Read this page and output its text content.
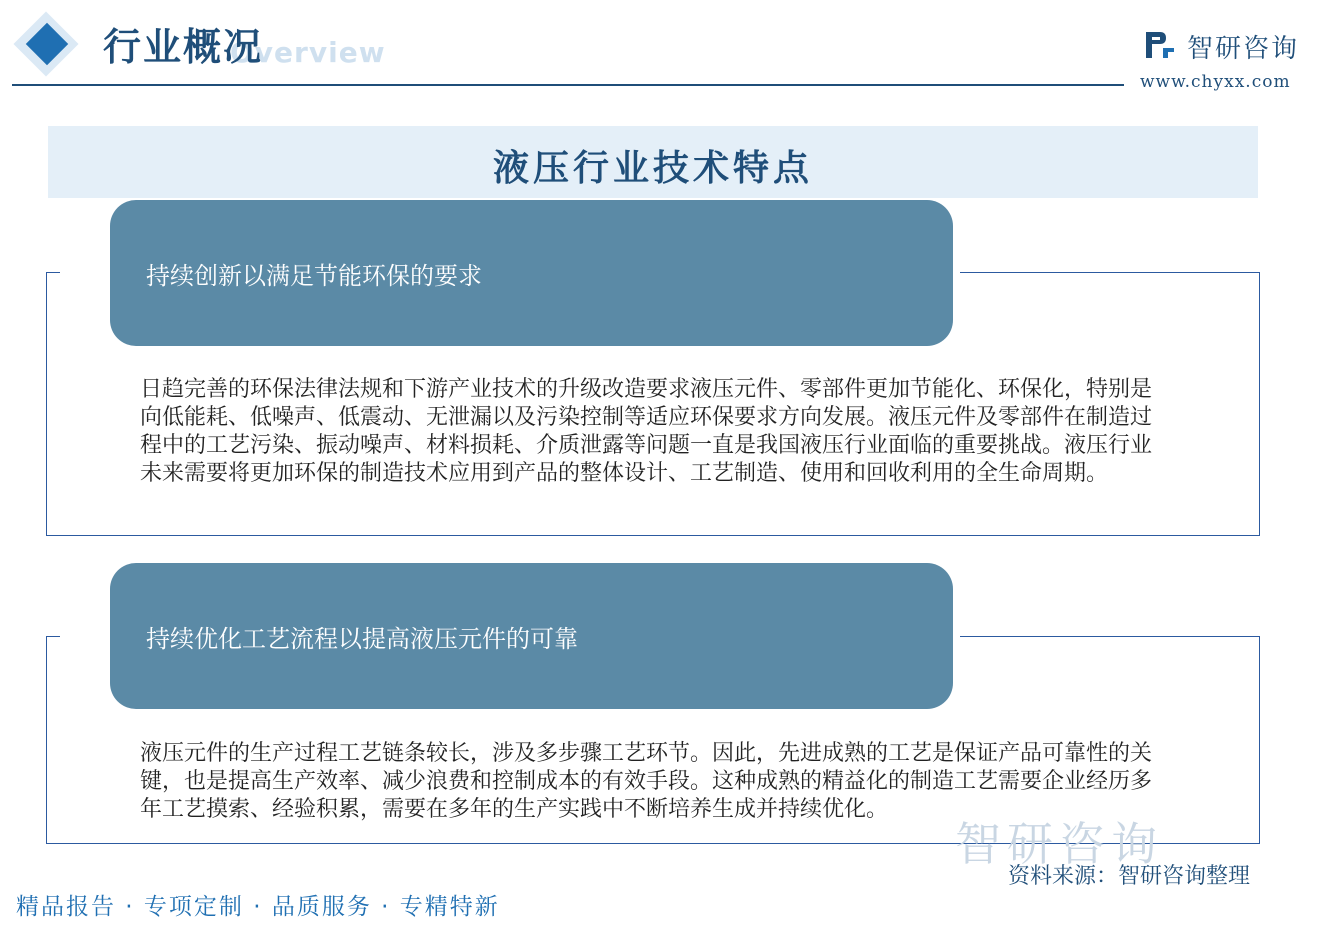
Overview
行业概况	智研咨询
www.chyxx.com
液压行业技术特点
持续创新以满足节能环保的要求
日趋完善的环保法律法规和下游产业技术的升级改造要求液压元件、零部件更加节能化、环保化，特别是向低能耗、低噪声、低震动、无泄漏以及污染控制等适应环保要求方向发展。液压元件及零部件在制造过程中的工艺污染、振动噪声、材料损耗、介质泄露等问题一直是我国液压行业面临的重要挑战。液压行业未来需要将更加环保的制造技术应用到产品的整体设计、工艺制造、使用和回收利用的全生命周期。
持续优化工艺流程以提高液压元件的可靠
液压元件的生产过程工艺链条较长，涉及多步骤工艺环节。因此，先进成熟的工艺是保证产品可靠性的关键，也是提高生产效率、减少浪费和控制成本的有效手段。这种成熟的精益化的制造工艺需要企业经历多年工艺摸索、经验积累，需要在多年的生产实践中不断培养生成并持续优化。
智研咨询
资料来源：智研咨询整理
精品报告 · 专项定制 · 品质服务 · 专精特新
